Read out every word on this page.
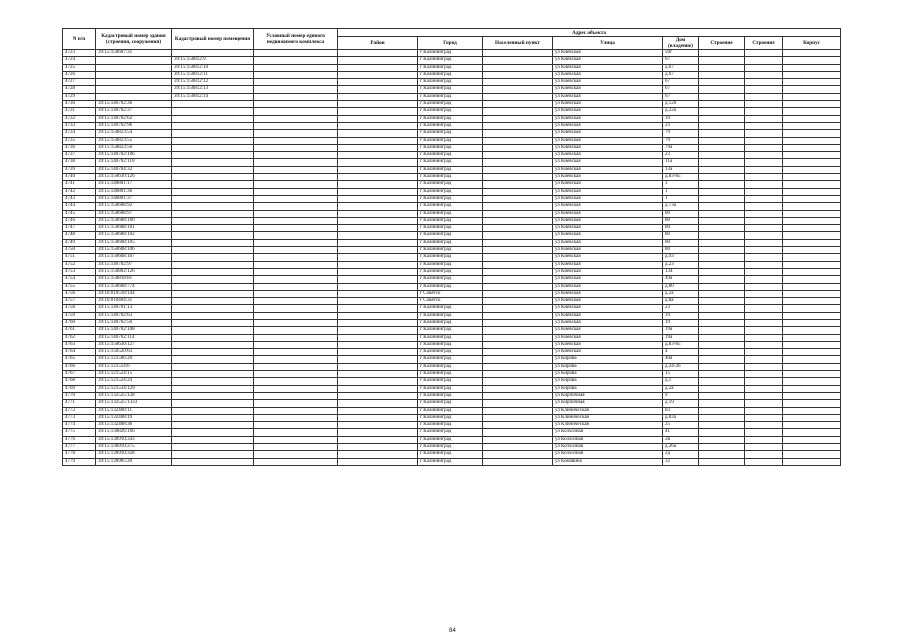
N п/п	Кадастровый номер здания (строения, сооружения)	Кадастровый номер помещения	Условный номер единого недвижимого комплекса	Адрес объекта							
				Район	Город	Населенный пункт	Улица	Дом (владение)	Строение	Строение	Корпус
4723	39:15:150607:31				г Калининград		ул Киевская	50г			
4724		39:15:150812:9			г Калининград		ул Киевская	67			
4725		39:15:150812:10			г Калининград		ул Киевская	д.67			
4726		39:15:150812:11			г Калининград		ул Киевская	д.67			
4727		39:15:150812:12			г Калининград		ул Киевская	67			
4728		39:15:150812:13			г Калининград		ул Киевская	67			
4729		39:15:150812:14			г Калининград		ул Киевская	67			
4730	39:15:140702:36				г Калининград		ул Киевская	д.120			
4731	39:15:140702:37				г Калининград		ул Киевская	д.22а			
4732	39:15:140702:62				г Калининград		ул Киевская	19			
4733	39:15:140702:96				г Калининград		ул Киевская	23			
4734	39:15:150823:54				г Калининград		ул Киевская	79			
4735	39:15:150823:55				г Калининград		ул Киевская	79			
4736	39:15:150823:56				г Калининград		ул Киевская	79а			
4737	39:15:140702:106				г Калининград		ул Киевская	23			
4738	39:15:140702:110				г Калининград		ул Киевская	11а			
4739	39:15:140704:32				г Калининград		ул Киевская	13а			
4740	39:15:150630:126				г Калининград		ул Киевская	д.83-85			
4741	39:15:140801:17				г Калининград		ул Киевская	3			
4742	39:15:140801:36				г Калининград		ул Киевская	1			
4743	39:15:140801:37				г Калининград		ул Киевская	1			
4744	39:15:150608:92				г Калининград		ул Киевская	д.73а			
4745	39:15:150608:97				г Калининград		ул Киевская	80			
4746	39:15:150608:100				г Калининград		ул Киевская	80			
4747	39:15:150608:101				г Калининград		ул Киевская	80			
4748	39:15:150608:102				г Калининград		ул Киевская	80			
4749	39:15:150608:105				г Калининград		ул Киевская	80			
4750	39:15:150608:106				г Калининград		ул Киевская	80			
4751	39:15:150608:107				г Калининград		ул Киевская	д.93			
4752	39:15:140702:97				г Калининград		ул Киевская	д.23			
4753	39:15:150802:126				г Калининград		ул Киевская	134			
4754	39:15:150818:81				г Калининград		ул Киевская	49а			
4755	39:15:150608:774				г Калининград		ул Киевская	д.80			
4756	39:16:010518:144				г Советск		ул Киевская	д.2а			
4757	39:16:010404:31				г Советск		ул Киевская	д.8а			
4758	39:15:140701:13				г Калининград		ул Киевская	23			
4759	39:15:140702:63				г Калининград		ул Киевская	19			
4760	39:15:140702:56				г Калининград		ул Киевская	19			
4761	39:15:140702:108				г Калининград		ул Киевская	19а			
4762	39:15:140702:114				г Калининград		ул Киевская	19а			
4763	39:15:150630:127				г Калининград		ул Киевская	д.83-85			
4764	39:15:150520:63				г Калининград		ул Киевская	4			
4765	39:15:121506:20				г Калининград		ул Кирова	40а			
4766	39:15:121514:6				г Калининград		ул Кирова	д.24-26			
4767	39:15:121524:15				г Калининград		ул Кирова	15			
4768	39:15:121524:24				г Калининград		ул Кирова	д.1			
4769	39:15:121534:129				г Калининград		ул Кирова	д.2а			
4770	39:15:132525:128				г Калининград		ул Кирпичная	9			
4771	39:15:132525:1333				г Калининград		ул Кирпичная	д.19			
4772	39:15:132408:11				г Калининград		ул Клиническая	83			
4773	39:15:132408:19				г Калининград		ул Клиническая	д.83а			
4774	39:15:132408:36				г Калининград		ул Клиническая	25			
4775	39:15:130826:166				г Калининград		ул Колхозная	41			
4776	39:15:130910:343				г Калининград		ул Колхозная	2в			
4777	39:15:130910:275				г Калининград		ул Колхозная	д.26а			
4778	39:15:130910:328				г Калининград		ул Колхозная	2д			
4779	39:15:130905:20				г Калининград		ул Комавина	32			
84
